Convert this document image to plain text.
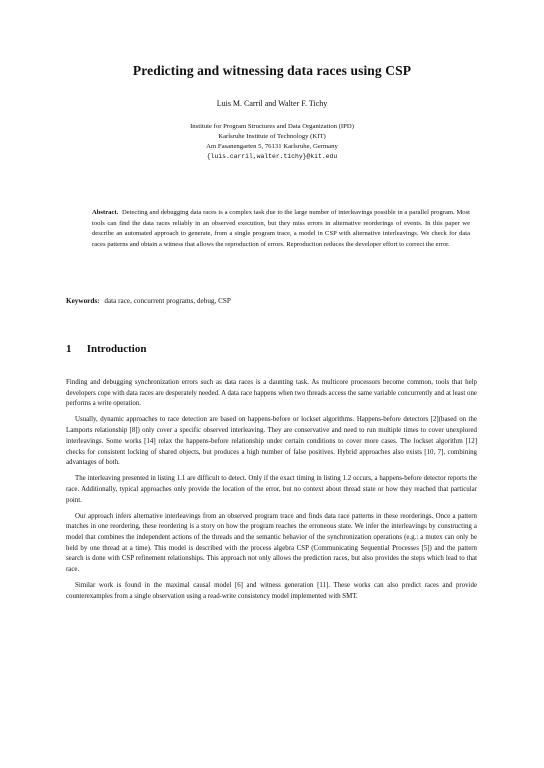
Predicting and witnessing data races using CSP
Luis M. Carril and Walter F. Tichy
Institute for Program Structures and Data Organization (IPD)
Karlsruhe Institute of Technology (KIT)
Am Fasanengarten 5, 76131 Karlsruhe, Germany
{luis.carril,walter.tichy}@kit.edu
Abstract. Detecting and debugging data races is a complex task due to the large number of interleavings possible in a parallel program. Most tools can find the data races reliably in an observed execution, but they miss errors in alternative reorderings of events. In this paper we describe an automated approach to generate, from a single program trace, a model in CSP with alternative interleavings. We check for data races patterns and obtain a witness that allows the reproduction of errors. Reproduction reduces the developer effort to correct the error.
Keywords: data race, concurrent programs, debug, CSP
1 Introduction

Finding and debugging synchronization errors such as data races is a daunting task. As multicore processors become common, tools that help developers cope with data races are desperately needed. A data race happens when two threads access the same variable concurrently and at least one performs a write operation.

Usually, dynamic approaches to race detection are based on happens-before or lockset algorithms. Happens-before detectors [2](based on the Lamports relationship [8]) only cover a specific observed interleaving. They are conservative and need to run multiple times to cover unexplored interleavings. Some works [14] relax the happens-before relationship under certain conditions to cover more cases. The lockset algorithm [12] checks for consistent locking of shared objects, but produces a high number of false positives. Hybrid approaches also exists [10, 7], combining advantages of both.

The interleaving presented in listing 1.1 are difficult to detect. Only if the exact timing in listing 1.2 occurs, a happens-before detector reports the race. Additionally, typical approaches only provide the location of the error, but no context about thread state or how they reached that particular point.

Our approach infers alternative interleavings from an observed program trace and finds data race patterns in these reorderings. Once a pattern matches in one reordering, these reordering is a story on how the program reaches the erroneous state. We infer the interleavings by constructing a model that combines the independent actions of the threads and the semantic behavior of the synchronization operations (e.g.: a mutex can only be held by one thread at a time). This model is described with the process algebra CSP (Communicating Sequential Processes [5]) and the pattern search is done with CSP refinement relationships. This approach not only allows the prediction races, but also provides the steps which lead to that race.

Similar work is found in the maximal causal model [6] and witness generation [11]. These works can also predict races and provide counterexamples from a single observation using a read-write consistency model implemented with SMT.
